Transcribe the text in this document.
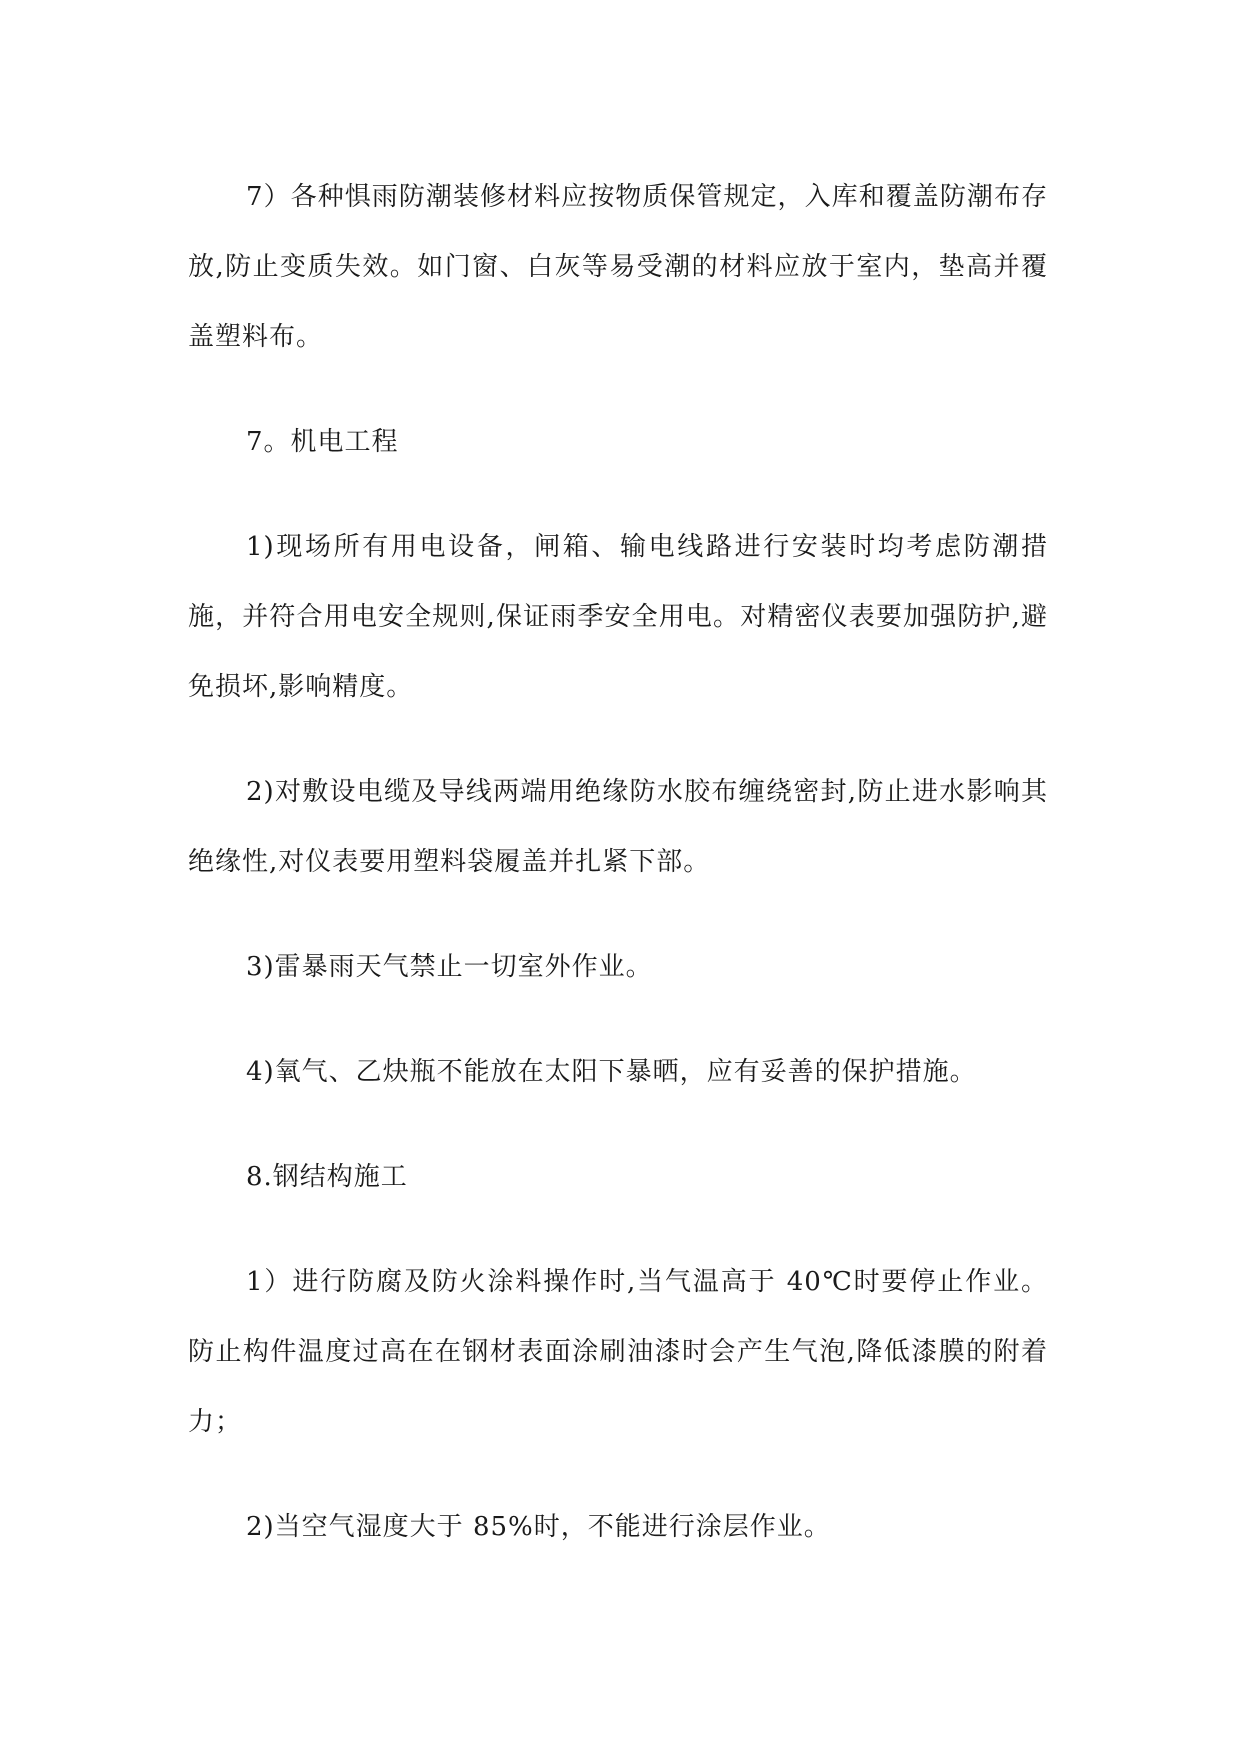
7）各种惧雨防潮装修材料应按物质保管规定，入库和覆盖防潮布存放,防止变质失效。如门窗、白灰等易受潮的材料应放于室内，垫高并覆盖塑料布。

7。机电工程

1)现场所有用电设备，闸箱、输电线路进行安装时均考虑防潮措施，并符合用电安全规则,保证雨季安全用电。对精密仪表要加强防护,避免损坏,影响精度。

2)对敷设电缆及导线两端用绝缘防水胶布缠绕密封,防止进水影响其绝缘性,对仪表要用塑料袋履盖并扎紧下部。

3)雷暴雨天气禁止一切室外作业。

4)氧气、乙炔瓶不能放在太阳下暴晒，应有妥善的保护措施。

8.钢结构施工

1）进行防腐及防火涂料操作时,当气温高于 40℃时要停止作业。防止构件温度过高在在钢材表面涂刷油漆时会产生气泡,降低漆膜的附着力；

2)当空气湿度大于 85%时，不能进行涂层作业。
